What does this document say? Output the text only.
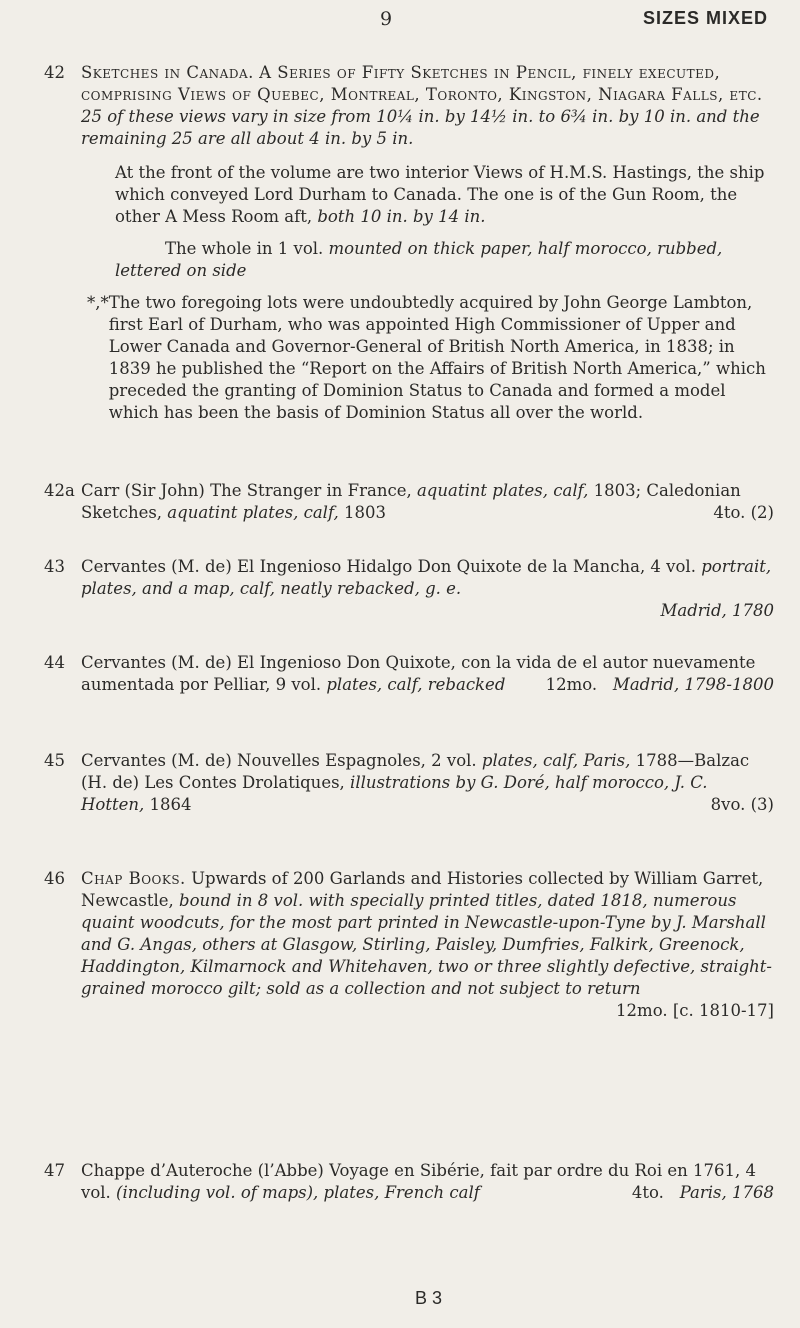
9	SIZES MIXED
42 Sketches in Canada. A Series of Fifty Sketches in Pencil, finely executed, comprising Views of Quebec, Montreal, Toronto, Kingston, Niagara Falls, etc. 25 of these views vary in size from 10¼ in. by 14½ in. to 6¾ in. by 10 in. and the remaining 25 are all about 4 in. by 5 in.

At the front of the volume are two interior Views of H.M.S. Hastings, the ship which conveyed Lord Durham to Canada. The one is of the Gun Room, the other A Mess Room aft, both 10 in. by 14 in.

The whole in 1 vol. mounted on thick paper, half morocco, rubbed, lettered on side

*,* The two foregoing lots were undoubtedly acquired by John George Lambton, first Earl of Durham, who was appointed High Commissioner of Upper and Lower Canada and Governor-General of British North America, in 1838; in 1839 he published the “Report on the Affairs of British North America,” which preceded the granting of Dominion Status to Canada and formed a model which has been the basis of Dominion Status all over the world.
42a Carr (Sir John) The Stranger in France, aquatint plates, calf, 1803; Caledonian Sketches, aquatint plates, calf, 1803	4to. (2)
43 Cervantes (M. de) El Ingenioso Hidalgo Don Quixote de la Mancha, 4 vol. portrait, plates, and a map, calf, neatly rebacked, g. e.
Madrid, 1780
44 Cervantes (M. de) El Ingenioso Don Quixote, con la vida de el autor nuevamente aumentada por Pelliar, 9 vol. plates, calf, rebacked 12mo. Madrid, 1798-1800
45 Cervantes (M. de) Nouvelles Espagnoles, 2 vol. plates, calf, Paris, 1788—Balzac (H. de) Les Contes Drolatiques, illustrations by G. Doré, half morocco, J. C. Hotten, 1864	8vo. (3)
46 Chap Books. Upwards of 200 Garlands and Histories collected by William Garret, Newcastle, bound in 8 vol. with specially printed titles, dated 1818, numerous quaint woodcuts, for the most part printed in Newcastle-upon-Tyne by J. Marshall and G. Angas, others at Glasgow, Stirling, Paisley, Dumfries, Falkirk, Greenock, Haddington, Kilmarnock and Whitehaven, two or three slightly defective, straight-grained morocco gilt; sold as a collection and not subject to return
12mo. [c. 1810-17]
47 Chappe d’Auteroche (l’Abbe) Voyage en Sibérie, fait par ordre du Roi en 1761, 4 vol. (including vol. of maps), plates, French calf	4to. Paris, 1768
B 3
